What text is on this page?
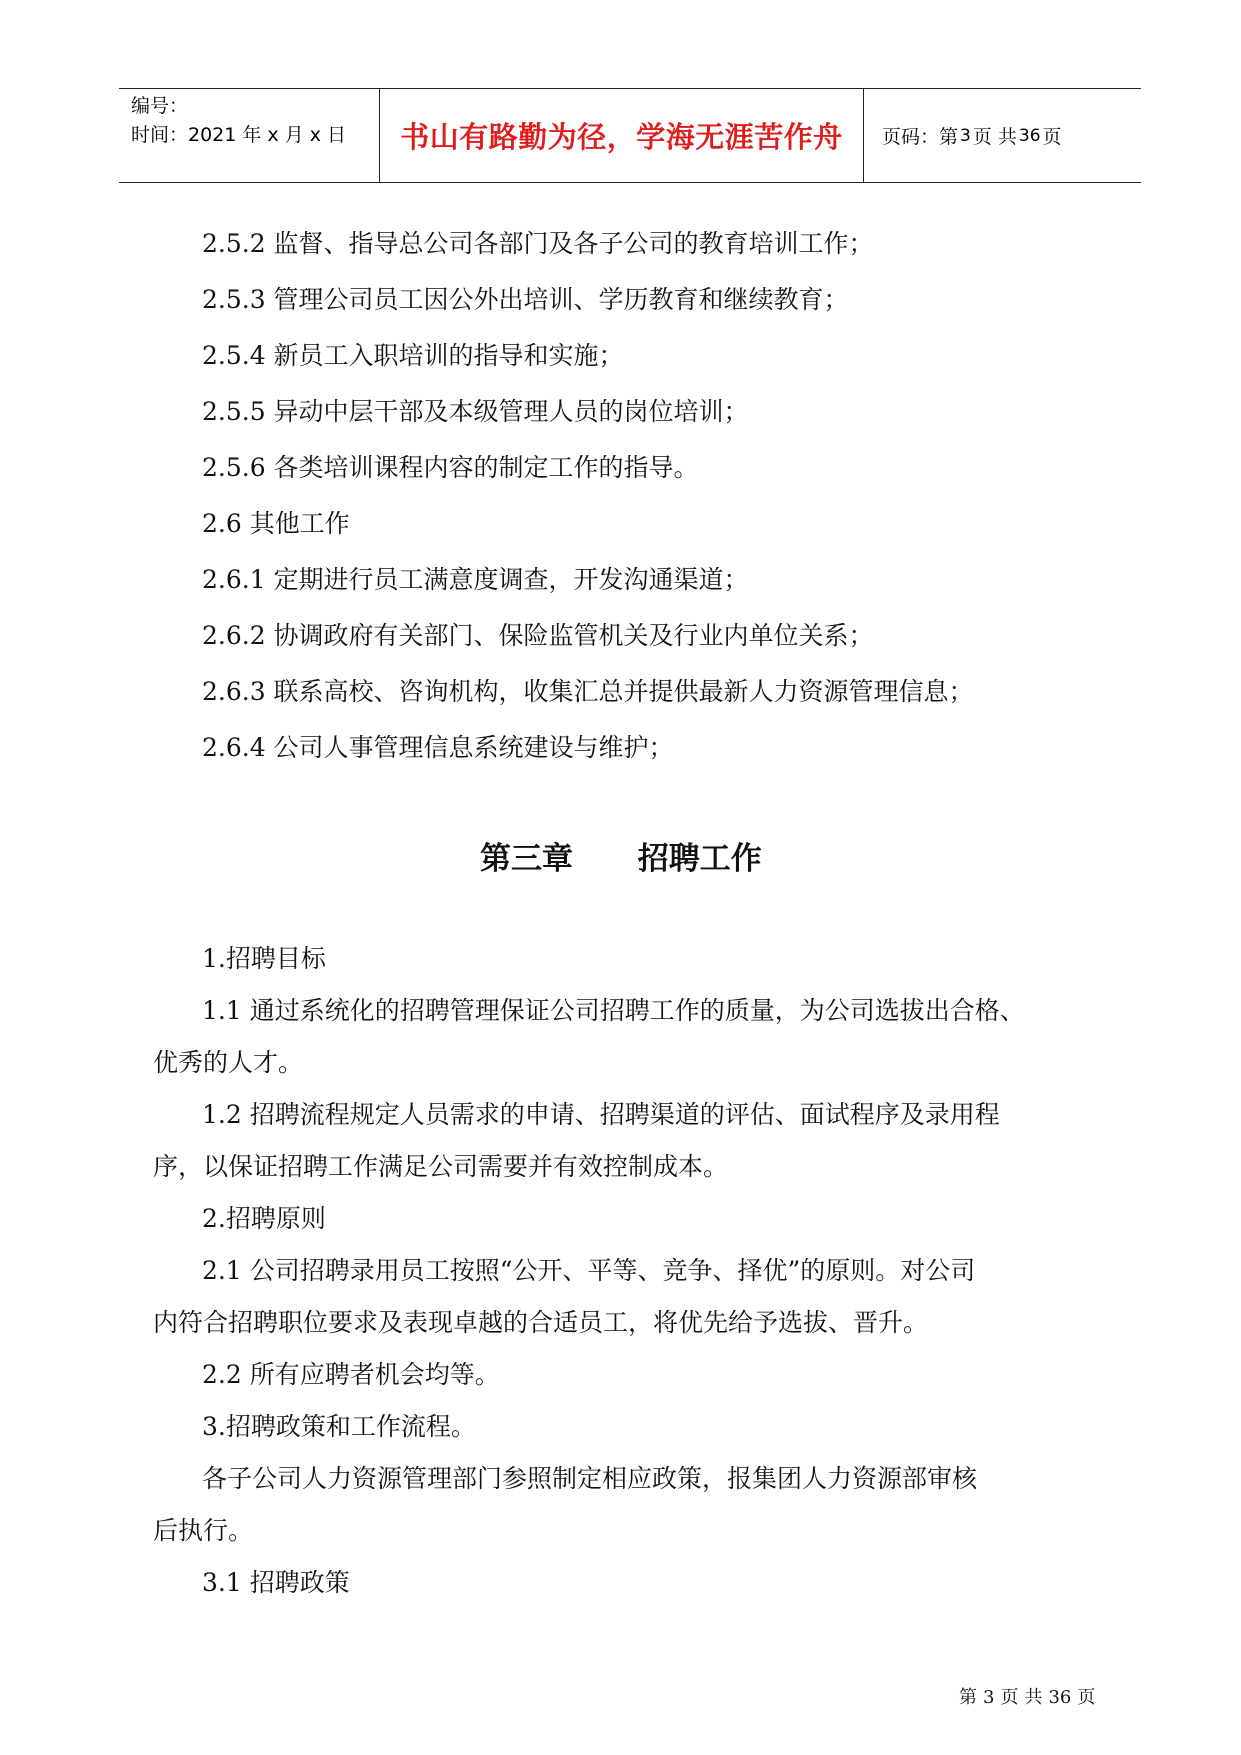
编号：
时间：2021 年 x 月 x 日 书山有路勤为径，学海无涯苦作舟 页码：第 3 页 共 36 页
2.5.2 监督、指导总公司各部门及各子公司的教育培训工作；
2.5.3 管理公司员工因公外出培训、学历教育和继续教育；
2.5.4 新员工入职培训的指导和实施；
2.5.5 异动中层干部及本级管理人员的岗位培训；
2.5.6 各类培训课程内容的制定工作的指导。
2.6 其他工作
2.6.1 定期进行员工满意度调查，开发沟通渠道；
2.6.2 协调政府有关部门、保险监管机关及行业内单位关系；
2.6.3 联系高校、咨询机构，收集汇总并提供最新人力资源管理信息；
2.6.4 公司人事管理信息系统建设与维护；
第三章      招聘工作
1.招聘目标
1.1 通过系统化的招聘管理保证公司招聘工作的质量，为公司选拔出合格、
优秀的人才。
1.2 招聘流程规定人员需求的申请、招聘渠道的评估、面试程序及录用程
序，以保证招聘工作满足公司需要并有效控制成本。
2.招聘原则
2.1 公司招聘录用员工按照“公开、平等、竞争、择优”的原则。对公司
内符合招聘职位要求及表现卓越的合适员工，将优先给予选拔、晋升。
2.2 所有应聘者机会均等。
3.招聘政策和工作流程。
各子公司人力资源管理部门参照制定相应政策，报集团人力资源部审核
后执行。
3.1 招聘政策
第 3 页 共 36 页
